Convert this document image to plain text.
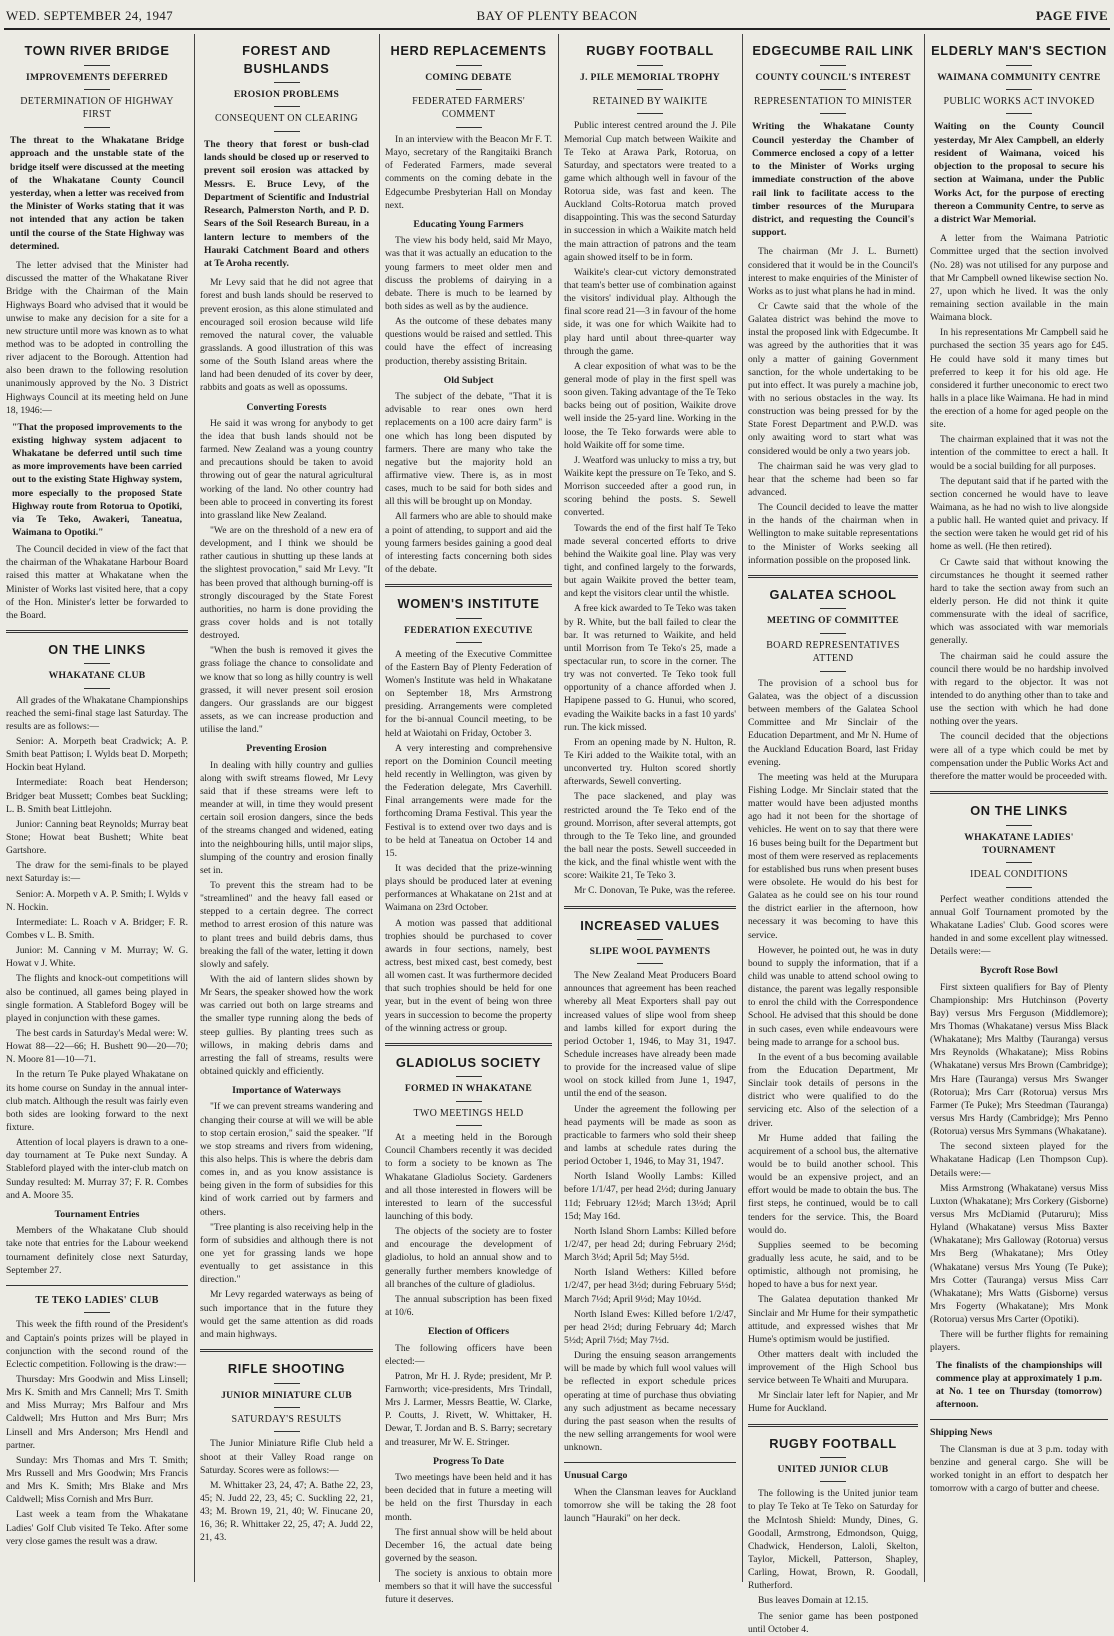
WED. SEPTEMBER 24, 1947	BAY OF PLENTY BEACON	PAGE FIVE
TOWN RIVER BRIDGE
IMPROVEMENTS DEFERRED
DETERMINATION OF HIGHWAY FIRST
The threat to the Whakatane Bridge approach and the unstable state of the bridge itself were discussed at the meeting of the Whakatane County Council yesterday, when a letter was received from the Minister of Works stating that it was not intended that any action be taken until the course of the State Highway was determined.
The letter advised that the Minister had discussed the matter of the Whakatane River Bridge with the Chairman of the Main Highways Board who advised that it would be unwise to make any decision for a site for a new structure until more was known as to what method was to be adopted in controlling the river adjacent to the Borough. Attention had also been drawn to the following resolution unanimously approved by the No. 3 District Highways Council at its meeting held on June 18, 1946:—
"That the proposed improvements to the existing highway system adjacent to Whakatane be deferred until such time as more improvements have been carried out to the existing State Highway system, more especially to the proposed State Highway route from Rotorua to Opotiki, via Te Teko, Awakeri, Taneatua, Waimana to Opotiki."
The Council decided in view of the fact that the chairman of the Whakatane Harbour Board raised this matter at Whakatane when the Minister of Works last visited here, that a copy of the Hon. Minister's letter be forwarded to the Board.
ON THE LINKS
WHAKATANE CLUB
All grades of the Whakatane Championships reached the semi-final stage last Saturday. The results are as follows:—
Senior: A. Morpeth beat Cradwick; A. P. Smith beat Pattison; I. Wylds beat D. Morpeth; Hockin beat Hyland.
Intermediate: Roach beat Henderson; Bridger beat Mussett; Combes beat Suckling; L. B. Smith beat Littlejohn.
Junior: Canning beat Reynolds; Murray beat Stone; Howat beat Bushett; White beat Gartshore.
The draw for the semi-finals to be played next Saturday is:—
Senior: A. Morpeth v A. P. Smith; I. Wylds v N. Hockin.
Intermediate: L. Roach v A. Bridger; F. R. Combes v L. B. Smith.
Junior: M. Canning v M. Murray; W. G. Howat v J. White.
The flights and knock-out competitions will also be continued, all games being played in single formation. A Stableford Bogey will be played in conjunction with these games.
The best cards in Saturday's Medal were: W. Howat 88—22—66; H. Bushett 90—20—70; N. Moore 81—10—71.
In the return Te Puke played Whakatane on its home course on Sunday in the annual inter-club match. Although the result was fairly even both sides are looking forward to the next fixture.
Attention of local players is drawn to a one-day tournament at Te Puke next Sunday. A Stableford played with the inter-club match on Sunday resulted: M. Murray 37; F. R. Combes and A. Moore 35.
Tournament Entries
Members of the Whakatane Club should take note that entries for the Labour weekend tournament definitely close next Saturday, September 27.
TE TEKO LADIES' CLUB
This week the fifth round of the President's and Captain's points prizes will be played in conjunction with the second round of the Eclectic competition. Following is the draw:—
Thursday: Mrs Goodwin and Miss Linsell; Mrs K. Smith and Mrs Cannell; Mrs T. Smith and Miss Murray; Mrs Balfour and Mrs Caldwell; Mrs Hutton and Mrs Burr; Mrs Linsell and Mrs Anderson; Mrs Hendl and partner.
Sunday: Mrs Thomas and Mrs T. Smith; Mrs Russell and Mrs Goodwin; Mrs Francis and Mrs K. Smith; Mrs Blake and Mrs Caldwell; Miss Cornish and Mrs Burr.
Last week a team from the Whakatane Ladies' Golf Club visited Te Teko. After some very close games the result was a draw.
FOREST AND BUSHLANDS
EROSION PROBLEMS
CONSEQUENT ON CLEARING
The theory that forest or bush-clad lands should be closed up or reserved to prevent soil erosion was attacked by Messrs. E. Bruce Levy, of the Department of Scientific and Industrial Research, Palmerston North, and P. D. Sears of the Soil Research Bureau, in a lantern lecture to members of the Hauraki Catchment Board and others at Te Aroha recently.
Mr Levy said that he did not agree that forest and bush lands should be reserved to prevent erosion, as this alone stimulated and encouraged soil erosion because wild life removed the natural cover, the valuable grasslands. A good illustration of this was some of the South Island areas where the land had been denuded of its cover by deer, rabbits and goats as well as opossums.
Converting Forests
He said it was wrong for anybody to get the idea that bush lands should not be farmed. New Zealand was a young country and precautions should be taken to avoid throwing out of gear the natural agricultural working of the land. No other country had been able to proceed in converting its forest into grassland like New Zealand.
"We are on the threshold of a new era of development, and I think we should be rather cautious in shutting up these lands at the slightest provocation," said Mr Levy. "It has been proved that although burning-off is strongly discouraged by the State Forest authorities, no harm is done providing the grass cover holds and is not totally destroyed.
"When the bush is removed it gives the grass foliage the chance to consolidate and we know that so long as hilly country is well grassed, it will never present soil erosion dangers. Our grasslands are our biggest assets, as we can increase production and utilise the land."
Preventing Erosion
In dealing with hilly country and gullies along with swift streams flowed, Mr Levy said that if these streams were left to meander at will, in time they would present certain soil erosion dangers, since the beds of the streams changed and widened, eating into the neighbouring hills, until major slips, slumping of the country and erosion finally set in.
To prevent this the stream had to be "streamlined" and the heavy fall eased or stepped to a certain degree. The correct method to arrest erosion of this nature was to plant trees and build debris dams, thus breaking the fall of the water, letting it down slowly and safely.
With the aid of lantern slides shown by Mr Sears, the speaker showed how the work was carried out both on large streams and the smaller type running along the beds of steep gullies. By planting trees such as willows, in making debris dams and arresting the fall of streams, results were obtained quickly and efficiently.
Importance of Waterways
"If we can prevent streams wandering and changing their course at will we will be able to stop certain erosion," said the speaker. "If we stop streams and rivers from widening, this also helps. This is where the debris dam comes in, and as you know assistance is being given in the form of subsidies for this kind of work carried out by farmers and others.
"Tree planting is also receiving help in the form of subsidies and although there is not one yet for grassing lands we hope eventually to get assistance in this direction."
Mr Levy regarded waterways as being of such importance that in the future they would get the same attention as did roads and main highways.
RIFLE SHOOTING
JUNIOR MINIATURE CLUB
SATURDAY'S RESULTS
The Junior Miniature Rifle Club held a shoot at their Valley Road range on Saturday. Scores were as follows:—
M. Whittaker 23, 24, 47; A. Bathe 22, 23, 45; N. Judd 22, 23, 45; C. Suckling 22, 21, 43; M. Brown 19, 21, 40; W. Finucane 20, 16, 36; R. Whittaker 22, 25, 47; A. Judd 22, 21, 43.
HERD REPLACEMENTS
COMING DEBATE
FEDERATED FARMERS' COMMENT
In an interview with the Beacon Mr F. T. Mayo, secretary of the Rangitaiki Branch of Federated Farmers, made several comments on the coming debate in the Edgecumbe Presbyterian Hall on Monday next.
Educating Young Farmers
The view his body held, said Mr Mayo, was that it was actually an education to the young farmers to meet older men and discuss the problems of dairying in a debate. There is much to be learned by both sides as well as by the audience.
As the outcome of these debates many questions would be raised and settled. This could have the effect of increasing production, thereby assisting Britain.
Old Subject
The subject of the debate, "That it is advisable to rear ones own herd replacements on a 100 acre dairy farm" is one which has long been disputed by farmers. There are many who take the negative but the majority hold an affirmative view. There is, as in most cases, much to be said for both sides and all this will be brought up on Monday.
All farmers who are able to should make a point of attending, to support and aid the young farmers besides gaining a good deal of interesting facts concerning both sides of the debate.
WOMEN'S INSTITUTE
FEDERATION EXECUTIVE
A meeting of the Executive Committee of the Eastern Bay of Plenty Federation of Women's Institute was held in Whakatane on September 18, Mrs Armstrong presiding. Arrangements were completed for the bi-annual Council meeting, to be held at Waiotahi on Friday, October 3.
A very interesting and comprehensive report on the Dominion Council meeting held recently in Wellington, was given by the Federation delegate, Mrs Caverhill. Final arrangements were made for the forthcoming Drama Festival. This year the Festival is to extend over two days and is to be held at Taneatua on October 14 and 15.
It was decided that the prize-winning plays should be produced later at evening performances at Whakatane on 21st and at Waimana on 23rd October.
A motion was passed that additional trophies should be purchased to cover awards in four sections, namely, best actress, best mixed cast, best comedy, best all women cast. It was furthermore decided that such trophies should be held for one year, but in the event of being won three years in succession to become the property of the winning actress or group.
GLADIOLUS SOCIETY
FORMED IN WHAKATANE
TWO MEETINGS HELD
At a meeting held in the Borough Council Chambers recently it was decided to form a society to be known as The Whakatane Gladiolus Society. Gardeners and all those interested in flowers will be interested to learn of the successful launching of this body.
The objects of the society are to foster and encourage the development of gladiolus, to hold an annual show and to generally further members knowledge of all branches of the culture of gladiolus.
The annual subscription has been fixed at 10/6.
Election of Officers
The following officers have been elected:—
Patron, Mr H. J. Ryde; president, Mr P. Farnworth; vice-presidents, Mrs Trindall, Mrs J. Larmer, Messrs Beattie, W. Clarke, P. Coutts, J. Rivett, W. Whittaker, H. Dewar, T. Jordan and B. S. Barry; secretary and treasurer, Mr W. E. Stringer.
Progress To Date
Two meetings have been held and it has been decided that in future a meeting will be held on the first Thursday in each month.
The first annual show will be held about December 16, the actual date being governed by the season.
The society is anxious to obtain more members so that it will have the successful future it deserves.
RUGBY FOOTBALL
J. PILE MEMORIAL TROPHY
RETAINED BY WAIKITE
Public interest centred around the J. Pile Memorial Cup match between Waikite and Te Teko at Arawa Park, Rotorua, on Saturday, and spectators were treated to a game which although well in favour of the Rotorua side, was fast and keen. The Auckland Colts-Rotorua match proved disappointing. This was the second Saturday in succession in which a Waikite match held the main attraction of patrons and the team again showed itself to be in form.
Waikite's clear-cut victory demonstrated that team's better use of combination against the visitors' individual play. Although the final score read 21—3 in favour of the home side, it was one for which Waikite had to play hard until about three-quarter way through the game.
A clear exposition of what was to be the general mode of play in the first spell was soon given. Taking advantage of the Te Teko backs being out of position, Waikite drove well inside the 25-yard line. Working in the loose, the Te Teko forwards were able to hold Waikite off for some time.
J. Weatford was unlucky to miss a try, but Waikite kept the pressure on Te Teko, and S. Morrison succeeded after a good run, in scoring behind the posts. S. Sewell converted.
Towards the end of the first half Te Teko made several concerted efforts to drive behind the Waikite goal line. Play was very tight, and confined largely to the forwards, but again Waikite proved the better team, and kept the visitors clear until the whistle.
A free kick awarded to Te Teko was taken by R. White, but the ball failed to clear the bar. It was returned to Waikite, and held until Morrison from Te Teko's 25, made a spectacular run, to score in the corner. The try was not converted. Te Teko took full opportunity of a chance afforded when J. Hapipene passed to G. Hunui, who scored, evading the Waikite backs in a fast 10 yards' run. The kick missed.
From an opening made by N. Hulton, R. Te Kiri added to the Waikite total, with an unconverted try. Hulton scored shortly afterwards, Sewell converting.
The pace slackened, and play was restricted around the Te Teko end of the ground. Morrison, after several attempts, got through to the Te Teko line, and grounded the ball near the posts. Sewell succeeded in the kick, and the final whistle went with the score: Waikite 21, Te Teko 3.
Mr C. Donovan, Te Puke, was the referee.
INCREASED VALUES
SLIPE WOOL PAYMENTS
The New Zealand Meat Producers Board announces that agreement has been reached whereby all Meat Exporters shall pay out increased values of slipe wool from sheep and lambs killed for export during the period October 1, 1946, to May 31, 1947. Schedule increases have already been made to provide for the increased value of slipe wool on stock killed from June 1, 1947, until the end of the season.
Under the agreement the following per head payments will be made as soon as practicable to farmers who sold their sheep and lambs at schedule rates during the period October 1, 1946, to May 31, 1947.
North Island Woolly Lambs: Killed before 1/1/47, per head 2½d; during January 11d; February 12½d; March 13½d; April 15d; May 16d.
North Island Shorn Lambs: Killed before 1/2/47, per head 2d; during February 2½d; March 3½d; April 5d; May 5½d.
North Island Wethers: Killed before 1/2/47, per head 3½d; during February 5½d; March 7½d; April 9½d; May 10½d.
North Island Ewes: Killed before 1/2/47, per head 2½d; during February 4d; March 5½d; April 7½d; May 7½d.
During the ensuing season arrangements will be made by which full wool values will be reflected in export schedule prices operating at time of purchase thus obviating any such adjustment as became necessary during the past season when the results of the new selling arrangements for wool were unknown.
Unusual Cargo
When the Clansman leaves for Auckland tomorrow she will be taking the 28 foot launch "Hauraki" on her deck.
EDGECUMBE RAIL LINK
COUNTY COUNCIL'S INTEREST
REPRESENTATION TO MINISTER
Writing the Whakatane County Council yesterday the Chamber of Commerce enclosed a copy of a letter to the Minister of Works urging immediate construction of the above rail link to facilitate access to the timber resources of the Murupara district, and requesting the Council's support.
The chairman (Mr J. L. Burnett) considered that it would be in the Council's interest to make enquiries of the Minister of Works as to just what plans he had in mind.
Cr Cawte said that the whole of the Galatea district was behind the move to instal the proposed link with Edgecumbe. It was agreed by the authorities that it was only a matter of gaining Government sanction, for the whole undertaking to be put into effect. It was purely a machine job, with no serious obstacles in the way. Its construction was being pressed for by the State Forest Department and P.W.D. was only awaiting word to start what was considered would be only a two years job.
The chairman said he was very glad to hear that the scheme had been so far advanced.
The Council decided to leave the matter in the hands of the chairman when in Wellington to make suitable representations to the Minister of Works seeking all information possible on the proposed link.
GALATEA SCHOOL
MEETING OF COMMITTEE
BOARD REPRESENTATIVES ATTEND
The provision of a school bus for Galatea, was the object of a discussion between members of the Galatea School Committee and Mr Sinclair of the Education Department, and Mr N. Hume of the Auckland Education Board, last Friday evening.
The meeting was held at the Murupara Fishing Lodge. Mr Sinclair stated that the matter would have been adjusted months ago had it not been for the shortage of vehicles. He went on to say that there were 16 buses being built for the Department but most of them were reserved as replacements for established bus runs when present buses were obsolete. He would do his best for Galatea as he could see on his tour round the district earlier in the afternoon, how necessary it was becoming to have this service.
However, he pointed out, he was in duty bound to supply the information, that if a child was unable to attend school owing to distance, the parent was legally responsible to enrol the child with the Correspondence School. He advised that this should be done in such cases, even while endeavours were being made to arrange for a school bus.
In the event of a bus becoming available from the Education Department, Mr Sinclair took details of persons in the district who were qualified to do the servicing etc. Also of the selection of a driver.
Mr Hume added that failing the acquirement of a school bus, the alternative would be to build another school. This would be an expensive project, and an effort would be made to obtain the bus. The first steps, he continued, would be to call tenders for the service. This, the Board would do.
Supplies seemed to be becoming gradually less acute, he said, and to be optimistic, although not promising, he hoped to have a bus for next year.
The Galatea deputation thanked Mr Sinclair and Mr Hume for their sympathetic attitude, and expressed wishes that Mr Hume's optimism would be justified.
Other matters dealt with included the improvement of the High School bus service between Te Whaiti and Murupara.
Mr Sinclair later left for Napier, and Mr Hume for Auckland.
RUGBY FOOTBALL
UNITED JUNIOR CLUB
The following is the United junior team to play Te Teko at Te Teko on Saturday for the McIntosh Shield: Mundy, Dines, G. Goodall, Armstrong, Edmondson, Quigg, Chadwick, Henderson, Laloli, Skelton, Taylor, Mickell, Patterson, Shapley, Carling, Howat, Brown, R. Goodall, Rutherford.
Bus leaves Domain at 12.15.
The senior game has been postponed until October 4.
ELDERLY MAN'S SECTION
WAIMANA COMMUNITY CENTRE
PUBLIC WORKS ACT INVOKED
Waiting on the County Council yesterday, Mr Alex Campbell, an elderly resident of Waimana, voiced his objection to the proposal to secure his section at Waimana, under the Public Works Act, for the purpose of erecting thereon a Community Centre, to serve as a district War Memorial.
A letter from the Waimana Patriotic Committee urged that the section involved (No. 28) was not utilised for any purpose and that Mr Campbell owned likewise section No. 27, upon which he lived. It was the only remaining section available in the main Waimana block.
In his representations Mr Campbell said he purchased the section 35 years ago for £45. He could have sold it many times but preferred to keep it for his old age. He considered it further uneconomic to erect two halls in a place like Waimana. He had in mind the erection of a home for aged people on the site.
The chairman explained that it was not the intention of the committee to erect a hall. It would be a social building for all purposes.
The deputant said that if he parted with the section concerned he would have to leave Waimana, as he had no wish to live alongside a public hall. He wanted quiet and privacy. If the section were taken he would get rid of his home as well. (He then retired).
Cr Cawte said that without knowing the circumstances he thought it seemed rather hard to take the section away from such an elderly person. He did not think it quite commensurate with the ideal of sacrifice, which was associated with war memorials generally.
The chairman said he could assure the council there would be no hardship involved with regard to the objector. It was not intended to do anything other than to take and use the section with which he had done nothing over the years.
The council decided that the objections were all of a type which could be met by compensation under the Public Works Act and therefore the matter would be proceeded with.
ON THE LINKS
WHAKATANE LADIES' TOURNAMENT
IDEAL CONDITIONS
Perfect weather conditions attended the annual Golf Tournament promoted by the Whakatane Ladies' Club. Good scores were handed in and some excellent play witnessed. Details were:—
Bycroft Rose Bowl
First sixteen qualifiers for Bay of Plenty Championship: Mrs Hutchinson (Poverty Bay) versus Mrs Ferguson (Middlemore); Mrs Thomas (Whakatane) versus Miss Black (Whakatane); Mrs Maltby (Tauranga) versus Mrs Reynolds (Whakatane); Miss Robins (Whakatane) versus Mrs Brown (Cambridge); Mrs Hare (Tauranga) versus Mrs Swanger (Rotorua); Mrs Carr (Rotorua) versus Mrs Farmer (Te Puke); Mrs Steedman (Tauranga) versus Mrs Hardy (Cambridge); Mrs Penno (Rotorua) versus Mrs Symmans (Whakatane).
The second sixteen played for the Whakatane Hadicap (Len Thompson Cup). Details were:—
Miss Armstrong (Whakatane) versus Miss Luxton (Whakatane); Mrs Corkery (Gisborne) versus Mrs McDiamid (Putaruru); Miss Hyland (Whakatane) versus Miss Baxter (Whakatane); Mrs Galloway (Rotorua) versus Mrs Berg (Whakatane); Mrs Otley (Whakatane) versus Mrs Young (Te Puke); Mrs Cotter (Tauranga) versus Miss Carr (Whakatane); Mrs Watts (Gisborne) versus Mrs Fogerty (Whakatane); Mrs Monk (Rotorua) versus Mrs Carter (Opotiki).
There will be further flights for remaining players.
The finalists of the championships will commence play at approximately 1 p.m. at No. 1 tee on Thursday (tomorrow) afternoon.
Shipping News
The Clansman is due at 3 p.m. today with benzine and general cargo. She will be worked tonight in an effort to despatch her tomorrow with a cargo of butter and cheese.
